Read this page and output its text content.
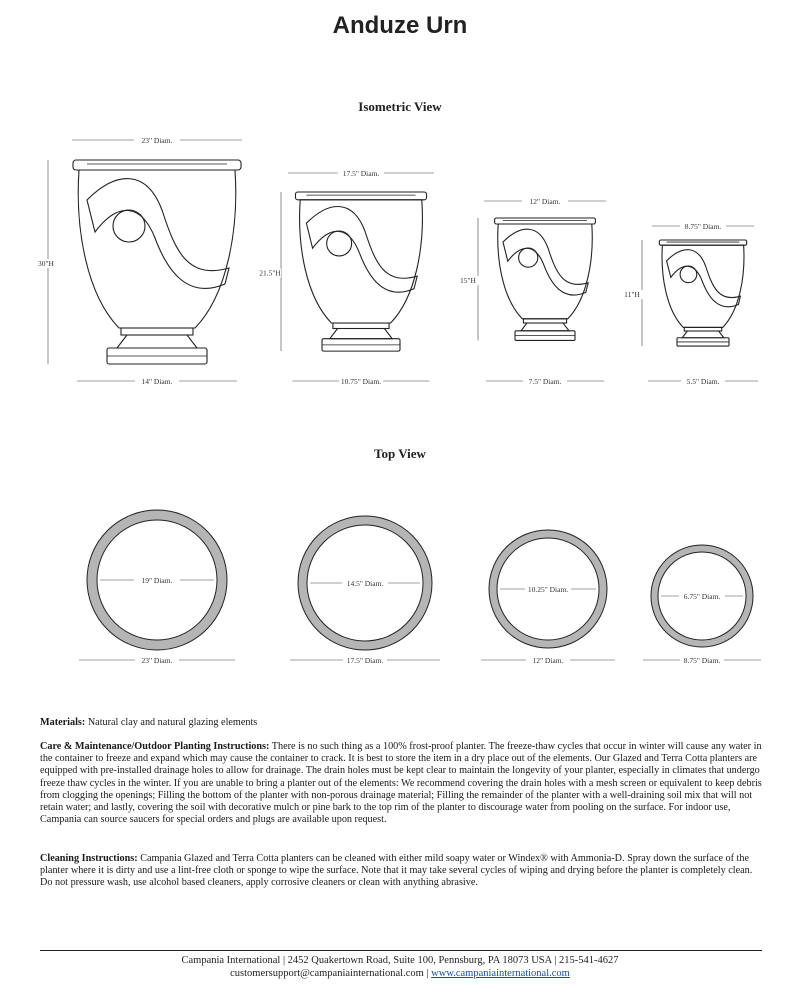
Anduze Urn
Isometric View
Top View
23" Diam.
30"H
14" Diam.
17.5" Diam.
21.5"H
10.75" Diam.
12" Diam.
15"H
7.5" Diam.
8.75" Diam.
11"H
5.5" Diam.
19" Diam.
23" Diam.
14.5" Diam.
17.5" Diam.
10.25" Diam.
12" Diam.
6.75" Diam.
8.75" Diam.

Materials: Natural clay and natural glazing elements

Care & Maintenance/Outdoor Planting Instructions: There is no such thing as a 100% frost-proof planter. The freeze-thaw cycles that occur in winter will cause any water in the container to freeze and expand which may cause the container to crack. It is best to store the item in a dry place out of the elements. Our Glazed and Terra Cotta planters are equipped with pre-installed drainage holes to allow for drainage. The drain holes must be kept clear to maintain the longevity of your planter, especially in climates that undergo freeze thaw cycles in the winter. If you are unable to bring a planter out of the elements: We recommend covering the drain holes with a mesh screen or equivalent to keep debris from clogging the openings; Filling the bottom of the planter with non-porous drainage material; Filling the remainder of the planter with a well-draining soil mix that will not retain water; and lastly, covering the soil with decorative mulch or pine bark to the top rim of the planter to discourage water from pooling on the surface. For indoor use, Campania can source saucers for special orders and plugs are available upon request.

Cleaning Instructions: Campania Glazed and Terra Cotta planters can be cleaned with either mild soapy water or Windex® with Ammonia-D. Spray down the surface of the planter where it is dirty and use a lint-free cloth or sponge to wipe the surface. Note that it may take several cycles of wiping and drying before the planter is completely clean. Do not pressure wash, use alcohol based cleaners, apply corrosive cleaners or clean with anything abrasive.

Campania International | 2452 Quakertown Road, Suite 100, Pennsburg, PA 18073 USA | 215-541-4627
customersupport@campaniainternational.com | www.campaniainternational.com
